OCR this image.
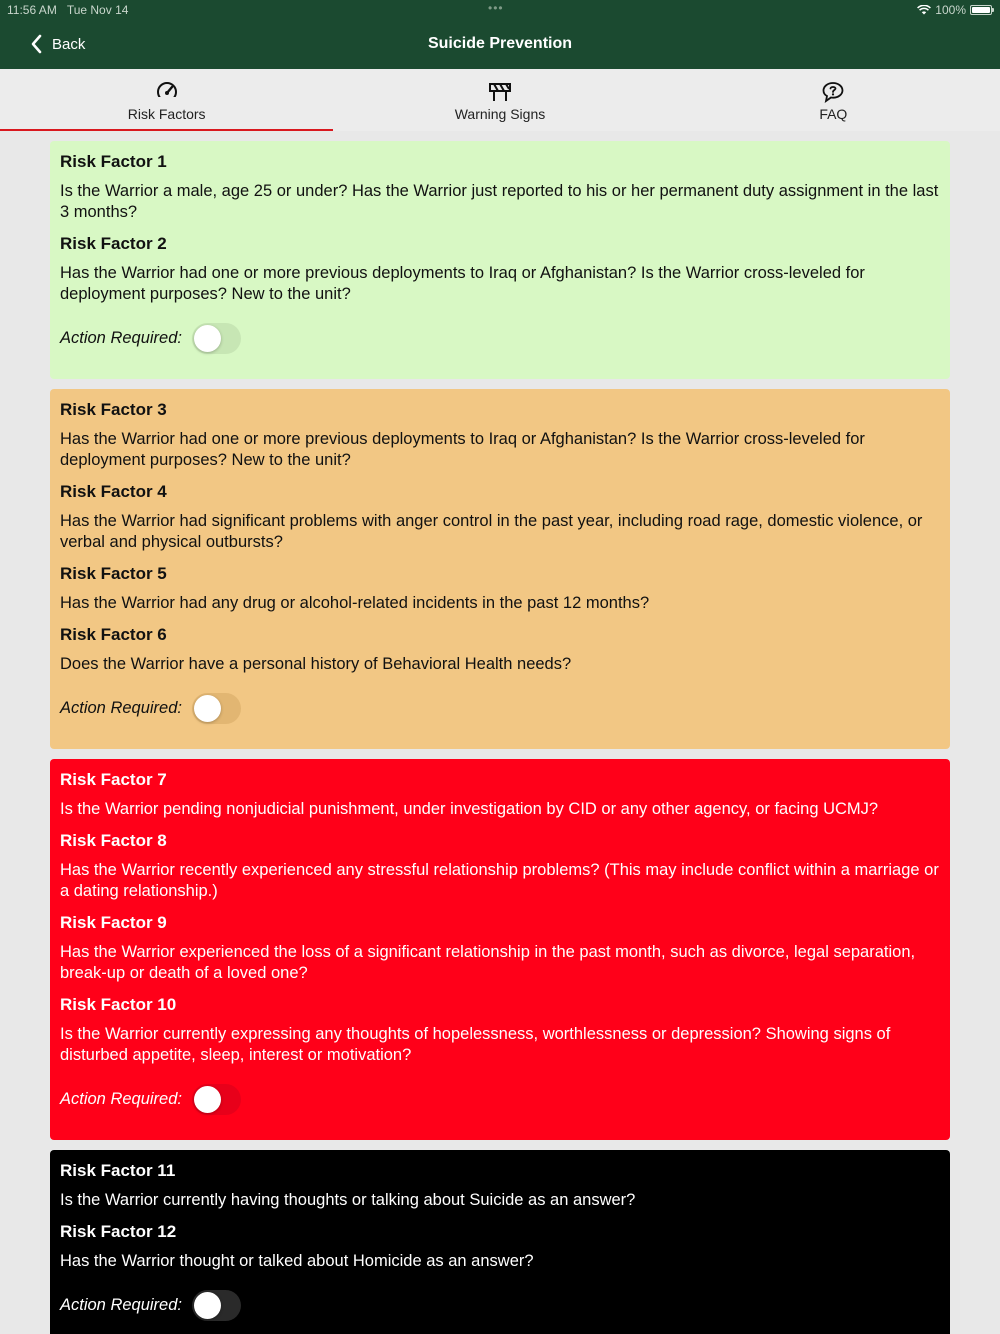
11:56 AM Tue Nov 14	•••	100%
Back	Suicide Prevention
Risk Factors	Warning Signs	FAQ
Risk Factor 1
Is the Warrior a male, age 25 or under? Has the Warrior just reported to his or her permanent duty assignment in the last 3 months?
Risk Factor 2
Has the Warrior had one or more previous deployments to Iraq or Afghanistan? Is the Warrior cross-leveled for deployment purposes? New to the unit?
Action Required:
Risk Factor 3
Has the Warrior had one or more previous deployments to Iraq or Afghanistan? Is the Warrior cross-leveled for deployment purposes? New to the unit?
Risk Factor 4
Has the Warrior had significant problems with anger control in the past year, including road rage, domestic violence, or verbal and physical outbursts?
Risk Factor 5
Has the Warrior had any drug or alcohol-related incidents in the past 12 months?
Risk Factor 6
Does the Warrior have a personal history of Behavioral Health needs?
Action Required:
Risk Factor 7
Is the Warrior pending nonjudicial punishment, under investigation by CID or any other agency, or facing UCMJ?
Risk Factor 8
Has the Warrior recently experienced any stressful relationship problems? (This may include conflict within a marriage or a dating relationship.)
Risk Factor 9
Has the Warrior experienced the loss of a significant relationship in the past month, such as divorce, legal separation, break-up or death of a loved one?
Risk Factor 10
Is the Warrior currently expressing any thoughts of hopelessness, worthlessness or depression? Showing signs of disturbed appetite, sleep, interest or motivation?
Action Required:
Risk Factor 11
Is the Warrior currently having thoughts or talking about Suicide as an answer?
Risk Factor 12
Has the Warrior thought or talked about Homicide as an answer?
Action Required:
